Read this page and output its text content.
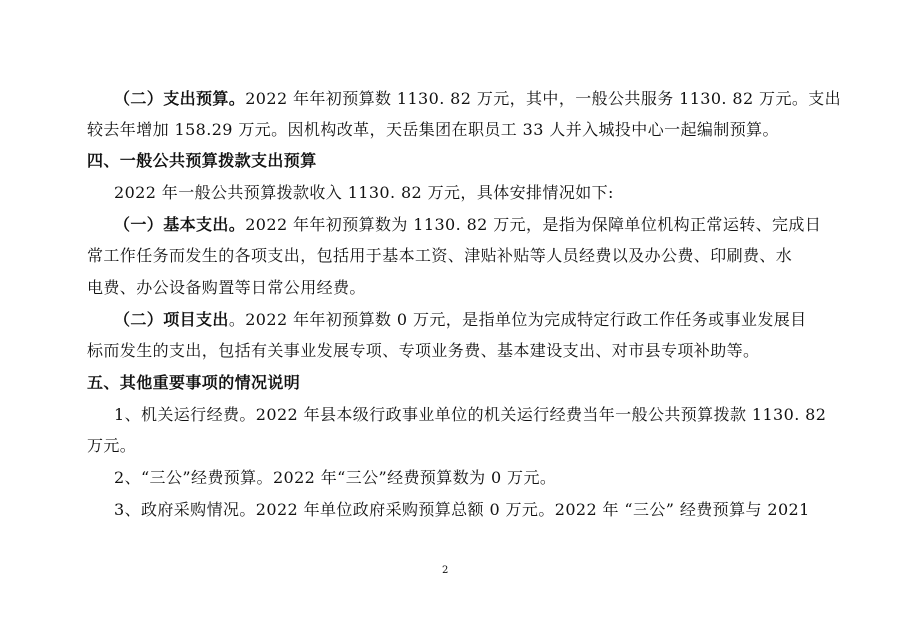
（二）支出预算。2022 年年初预算数 1130. 82 万元，其中，一般公共服务 1130. 82 万元。支出
较去年增加 158.29 万元。因机构改革，天岳集团在职员工 33 人并入城投中心一起编制预算。
四、一般公共预算拨款支出预算
2022 年一般公共预算拨款收入 1130. 82 万元，具体安排情况如下:
（一）基本支出。2022 年年初预算数为 1130. 82 万元，是指为保障单位机构正常运转、完成日
常工作任务而发生的各项支出，包括用于基本工资、津贴补贴等人员经费以及办公费、印刷费、水
电费、办公设备购置等日常公用经费。
（二）项目支出。2022 年年初预算数 0 万元，是指单位为完成特定行政工作任务或事业发展目
标而发生的支出，包括有关事业发展专项、专项业务费、基本建设支出、对市县专项补助等。
五、其他重要事项的情况说明
1、机关运行经费。2022 年县本级行政事业单位的机关运行经费当年一般公共预算拨款 1130. 82
万元。
2、“三公”经费预算。2022 年“三公”经费预算数为 0 万元。
3、政府采购情况。2022 年单位政府采购预算总额 0 万元。2022 年 “三公” 经费预算与 2021
2
